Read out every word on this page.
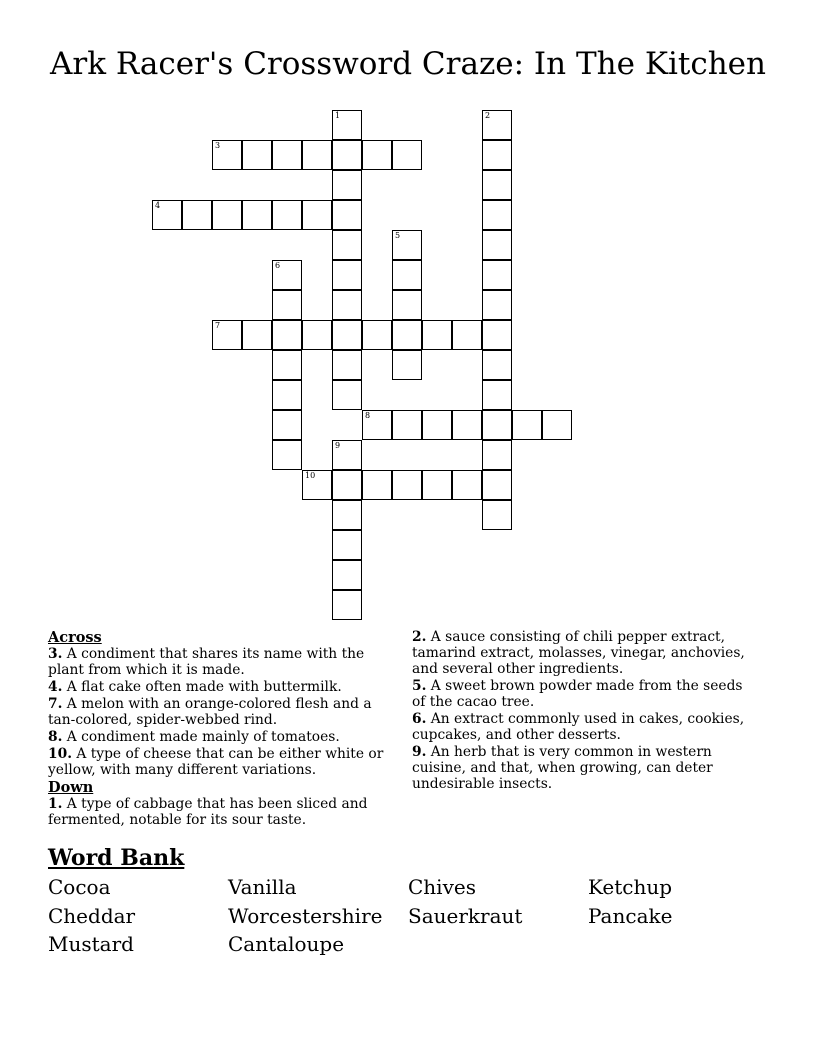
Ark Racer's Crossword Craze: In The Kitchen
1	2
3
4
5
6
7
8
9
10

Across

3. A condiment that shares its name with the plant from which it is made.

4. A flat cake often made with buttermilk.

7. A melon with an orange-colored flesh and a tan-colored, spider-webbed rind.

8. A condiment made mainly of tomatoes.

10. A type of cheese that can be either white or yellow, with many different variations.

Down

1. A type of cabbage that has been sliced and fermented, notable for its sour taste.

2. A sauce consisting of chili pepper extract, tamarind extract, molasses, vinegar, anchovies, and several other ingredients.

5. A sweet brown powder made from the seeds of the cacao tree.

6. An extract commonly used in cakes, cookies, cupcakes, and other desserts.

9. An herb that is very common in western cuisine, and that, when growing, can deter undesirable insects.

Word Bank
Cocoa	Vanilla	Chives	Ketchup
Cheddar	Worcestershire	Sauerkraut	Pancake
Mustard	Cantaloupe
